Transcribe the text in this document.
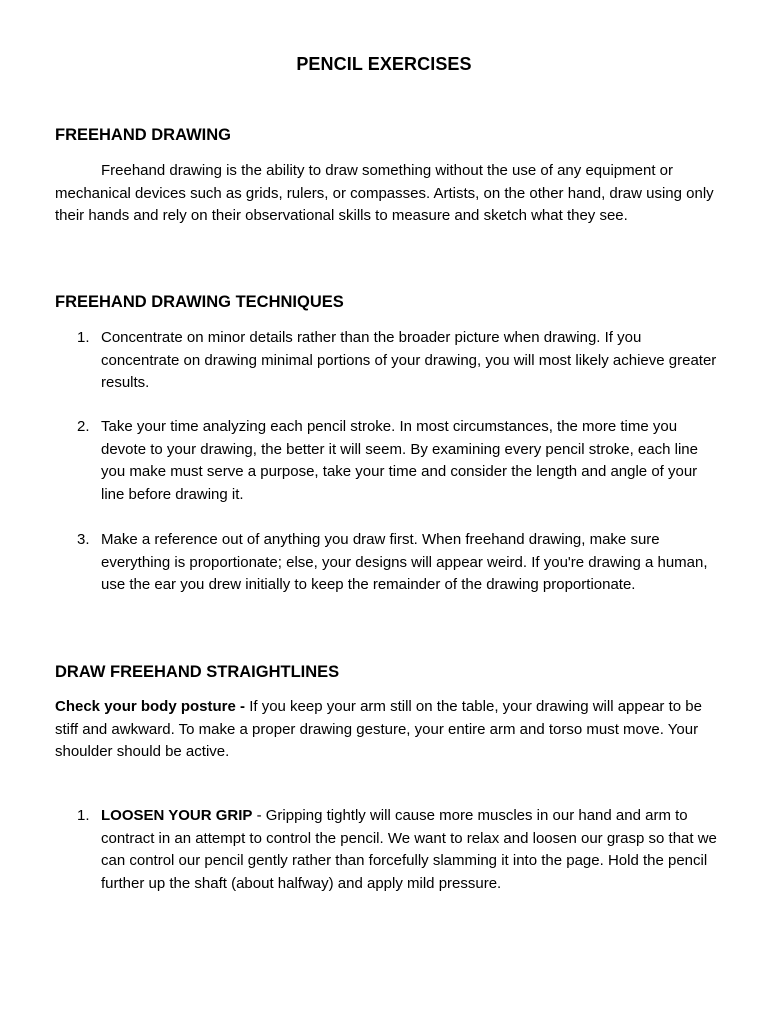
PENCIL EXERCISES
FREEHAND DRAWING
Freehand drawing is the ability to draw something without the use of any equipment or mechanical devices such as grids, rulers, or compasses. Artists, on the other hand, draw using only their hands and rely on their observational skills to measure and sketch what they see.
FREEHAND DRAWING TECHNIQUES
1. Concentrate on minor details rather than the broader picture when drawing. If you concentrate on drawing minimal portions of your drawing, you will most likely achieve greater results.
2. Take your time analyzing each pencil stroke. In most circumstances, the more time you devote to your drawing, the better it will seem. By examining every pencil stroke, each line you make must serve a purpose, take your time and consider the length and angle of your line before drawing it.
3. Make a reference out of anything you draw first. When freehand drawing, make sure everything is proportionate; else, your designs will appear weird. If you're drawing a human, use the ear you drew initially to keep the remainder of the drawing proportionate.
DRAW FREEHAND STRAIGHTLINES
Check your body posture - If you keep your arm still on the table, your drawing will appear to be stiff and awkward. To make a proper drawing gesture, your entire arm and torso must move. Your shoulder should be active.
1. LOOSEN YOUR GRIP - Gripping tightly will cause more muscles in our hand and arm to contract in an attempt to control the pencil. We want to relax and loosen our grasp so that we can control our pencil gently rather than forcefully slamming it into the page. Hold the pencil further up the shaft (about halfway) and apply mild pressure.
